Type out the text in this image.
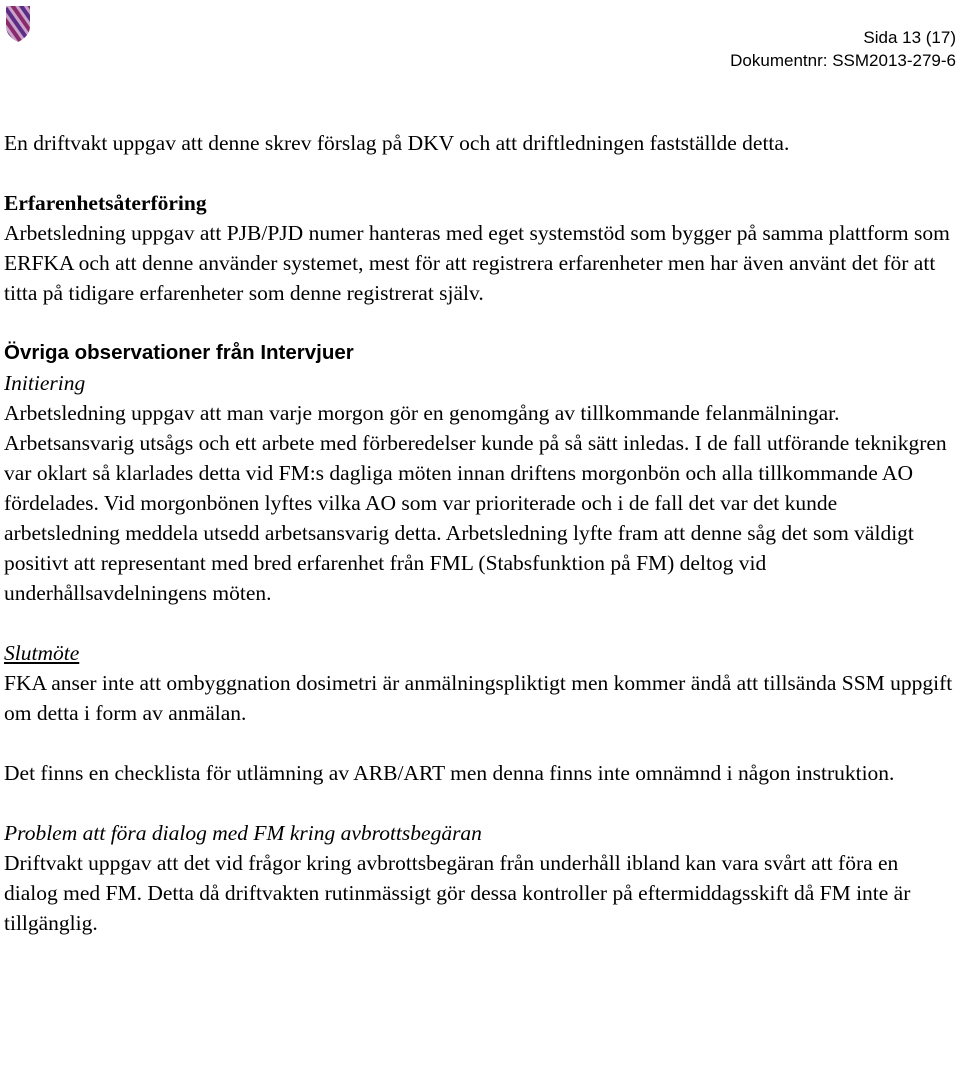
Sida 13 (17)
Dokumentnr: SSM2013-279-6

En driftvakt uppgav att denne skrev förslag på DKV och att driftledningen fastställde detta.

Erfarenhetsåterföring

Arbetsledning uppgav att PJB/PJD numer hanteras med eget systemstöd som bygger på samma plattform som ERFKA och att denne använder systemet, mest för att registrera erfarenheter men har även använt det för att titta på tidigare erfarenheter som denne registrerat själv.

Övriga observationer från Intervjuer

Initiering

Arbetsledning uppgav att man varje morgon gör en genomgång av tillkommande felanmälningar. Arbetsansvarig utsågs och ett arbete med förberedelser kunde på så sätt inledas. I de fall utförande teknikgren var oklart så klarlades detta vid FM:s dagliga möten innan driftens morgonbön och alla tillkommande AO fördelades. Vid morgonbönen lyftes vilka AO som var prioriterade och i de fall det var det kunde arbetsledning meddela utsedd arbetsansvarig detta. Arbetsledning lyfte fram att denne såg det som väldigt positivt att representant med bred erfarenhet från FML (Stabsfunktion på FM) deltog vid underhållsavdelningens möten.

Slutmöte

FKA anser inte att ombyggnation dosimetri är anmälningspliktigt men kommer ändå att tillsända SSM uppgift om detta i form av anmälan.

Det finns en checklista för utlämning av ARB/ART men denna finns inte omnämnd i någon instruktion.

Problem att föra dialog med FM kring avbrottsbegäran

Driftvakt uppgav att det vid frågor kring avbrottsbegäran från underhåll ibland kan vara svårt att föra en dialog med FM. Detta då driftvakten rutinmässigt gör dessa kontroller på eftermiddagsskift då FM inte är tillgänglig.
